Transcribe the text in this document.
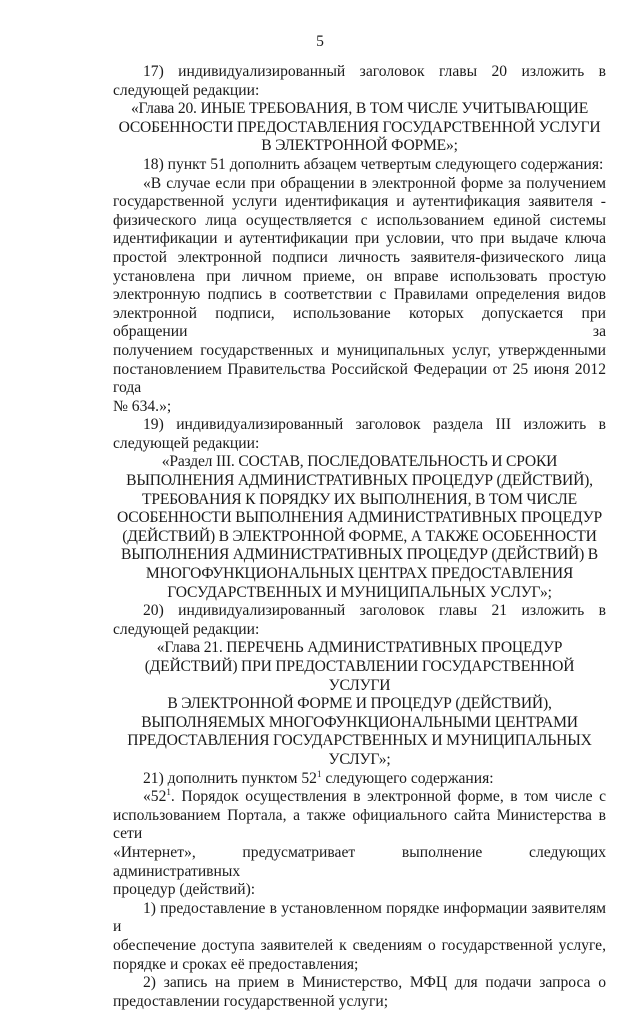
5

17) индивидуализированный заголовок главы 20 изложить в

следующей редакции:

«Глава 20. ИНЫЕ ТРЕБОВАНИЯ, В ТОМ ЧИСЛЕ УЧИТЫВАЮЩИЕ
ОСОБЕННОСТИ ПРЕДОСТАВЛЕНИЯ ГОСУДАРСТВЕННОЙ УСЛУГИ
В ЭЛЕКТРОННОЙ ФОРМЕ»;

18) пункт 51 дополнить абзацем четвертым следующего содержания:

«В случае если при обращении в электронной форме за получением

государственной услуги идентификация и аутентификация заявителя -

физического лица осуществляется с использованием единой системы

идентификации и аутентификации при условии, что при выдаче ключа

простой электронной подписи личность заявителя-физического лица

установлена при личном приеме, он вправе использовать простую

электронную подпись в соответствии с Правилами определения видов

электронной подписи, использование которых допускается при обращении за

получением государственных и муниципальных услуг, утвержденными

постановлением Правительства Российской Федерации от 25 июня 2012 года

№ 634.»;

19) индивидуализированный заголовок раздела III изложить в

следующей редакции:

«Раздел III. СОСТАВ, ПОСЛЕДОВАТЕЛЬНОСТЬ И СРОКИ
ВЫПОЛНЕНИЯ АДМИНИСТРАТИВНЫХ ПРОЦЕДУР (ДЕЙСТВИЙ),
ТРЕБОВАНИЯ К ПОРЯДКУ ИХ ВЫПОЛНЕНИЯ, В ТОМ ЧИСЛЕ
ОСОБЕННОСТИ ВЫПОЛНЕНИЯ АДМИНИСТРАТИВНЫХ ПРОЦЕДУР
(ДЕЙСТВИЙ) В ЭЛЕКТРОННОЙ ФОРМЕ, А ТАКЖЕ ОСОБЕННОСТИ
ВЫПОЛНЕНИЯ АДМИНИСТРАТИВНЫХ ПРОЦЕДУР (ДЕЙСТВИЙ) В
МНОГОФУНКЦИОНАЛЬНЫХ ЦЕНТРАХ ПРЕДОСТАВЛЕНИЯ
ГОСУДАРСТВЕННЫХ И МУНИЦИПАЛЬНЫХ УСЛУГ»;

20) индивидуализированный заголовок главы 21 изложить в

следующей редакции:

«Глава 21. ПЕРЕЧЕНЬ АДМИНИСТРАТИВНЫХ ПРОЦЕДУР
(ДЕЙСТВИЙ) ПРИ ПРЕДОСТАВЛЕНИИ ГОСУДАРСТВЕННОЙ УСЛУГИ
В ЭЛЕКТРОННОЙ ФОРМЕ И ПРОЦЕДУР (ДЕЙСТВИЙ),
ВЫПОЛНЯЕМЫХ МНОГОФУНКЦИОНАЛЬНЫМИ ЦЕНТРАМИ
ПРЕДОСТАВЛЕНИЯ ГОСУДАРСТВЕННЫХ И МУНИЦИПАЛЬНЫХ
УСЛУГ»;

21) дополнить пунктом $52^1$ следующего содержания:

«$52^1$. Порядок осуществления в электронной форме, в том числе с

использованием Портала, а также официального сайта Министерства в сети

«Интернет», предусматривает выполнение следующих административных

процедур (действий):

1) предоставление в установленном порядке информации заявителям и

обеспечение доступа заявителей к сведениям о государственной услуге,

порядке и сроках её предоставления;

2) запись на прием в Министерство, МФЦ для подачи запроса о

предоставлении государственной услуги;
